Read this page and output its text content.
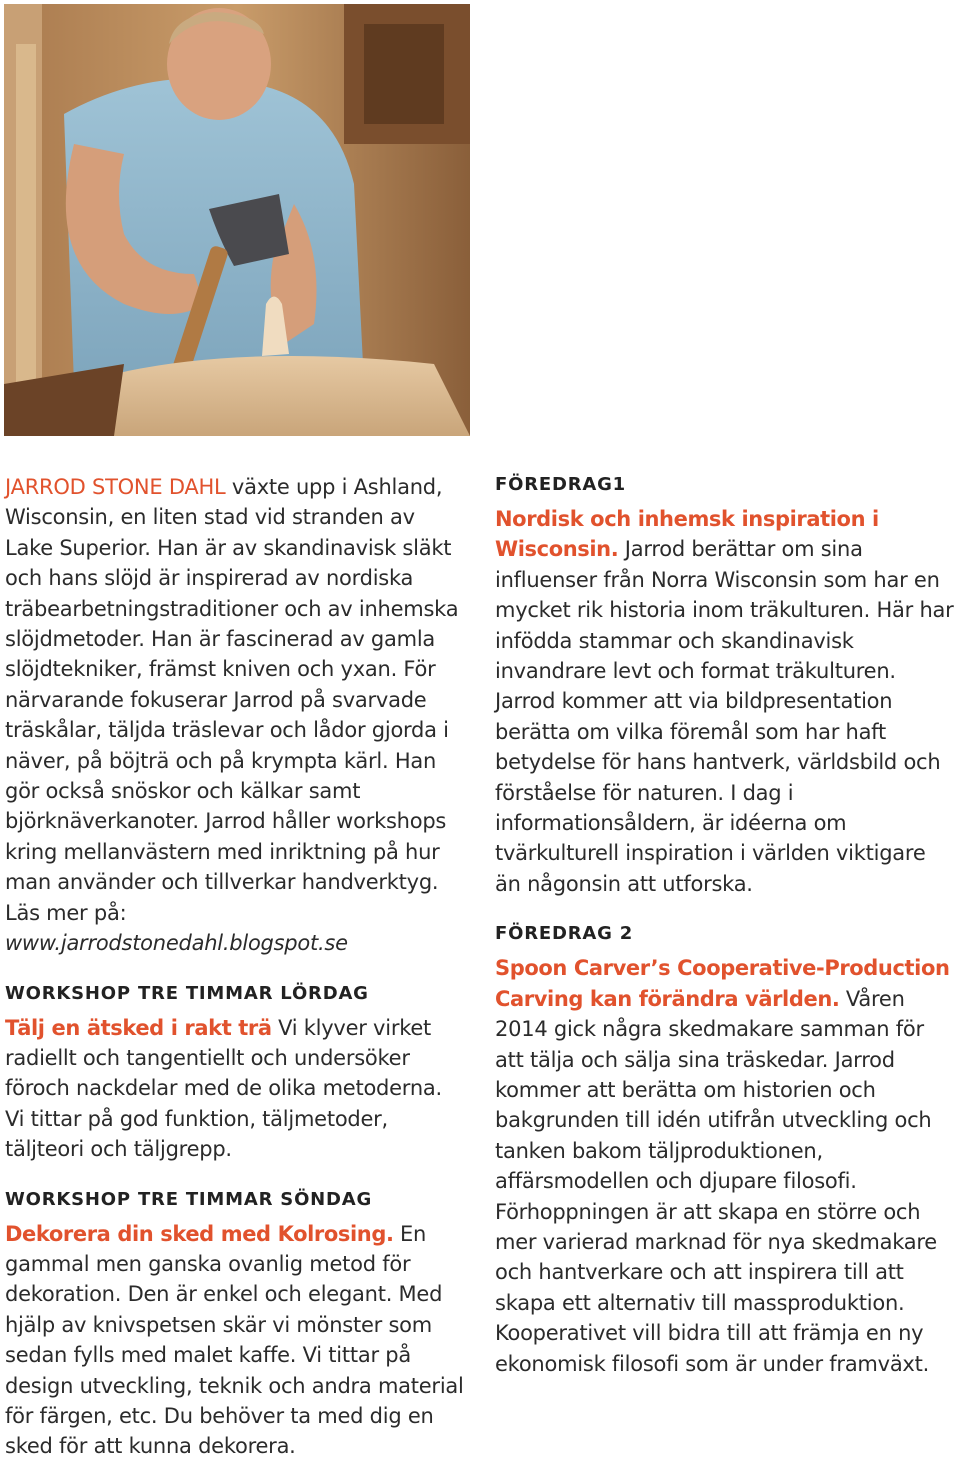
JARROD STONE DAHL växte upp i Ashland, Wisconsin, en liten stad vid stranden av Lake Superior. Han är av skandinavisk släkt och hans slöjd är inspirerad av nordiska träbearbetningstraditioner och av inhemska slöjdmetoder. Han är fascinerad av gamla slöjdtekniker, främst kniven och yxan. För närvarande fokuserar Jarrod på svarvade träskålar, täljda träslevar och lådor gjorda i näver, på böjträ och på krympta kärl. Han gör också snöskor och kälkar samt björknäverkanoter. Jarrod håller workshops kring mellanvästern med inriktning på hur man använder och tillverkar handverktyg. Läs mer på: www.jarrodstonedahl.blogspot.se

WORKSHOP TRE TIMMAR LÖRDAG

Tälj en ätsked i rakt trä Vi klyver virket radiellt och tangentiellt och undersöker föroch nackdelar med de olika metoderna. Vi tittar på god funktion, täljmetoder, täljteori och täljgrepp.

WORKSHOP TRE TIMMAR SÖNDAG

Dekorera din sked med Kolrosing. En gammal men ganska ovanlig metod för dekoration. Den är enkel och elegant. Med hjälp av knivspetsen skär vi mönster som sedan fylls med malet kaffe. Vi tittar på design utveckling, teknik och andra material för färgen, etc. Du behöver ta med dig en sked för att kunna dekorera.

FÖREDRAG1

Nordisk och inhemsk inspiration i Wisconsin. Jarrod berättar om sina influenser från Norra Wisconsin som har en mycket rik historia inom träkulturen. Här har infödda stammar och skandinavisk invandrare levt och format träkulturen. Jarrod kommer att via bildpresentation berätta om vilka föremål som har haft betydelse för hans hantverk, världsbild och förståelse för naturen. I dag i informationsåldern, är idéerna om tvärkulturell inspiration i världen viktigare än någonsin att utforska.

FÖREDRAG 2

Spoon Carver’s Cooperative-Production Carving kan förändra världen. Våren 2014 gick några skedmakare samman för att tälja och sälja sina träskedar. Jarrod kommer att berätta om historien och bakgrunden till idén utifrån utveckling och tanken bakom täljproduktionen, affärsmodellen och djupare filosofi. Förhoppningen är att skapa en större och mer varierad marknad för nya skedmakare och hantverkare och att inspirera till att skapa ett alternativ till massproduktion. Kooperativet vill bidra till att främja en ny ekonomisk filosofi som är under framväxt.
